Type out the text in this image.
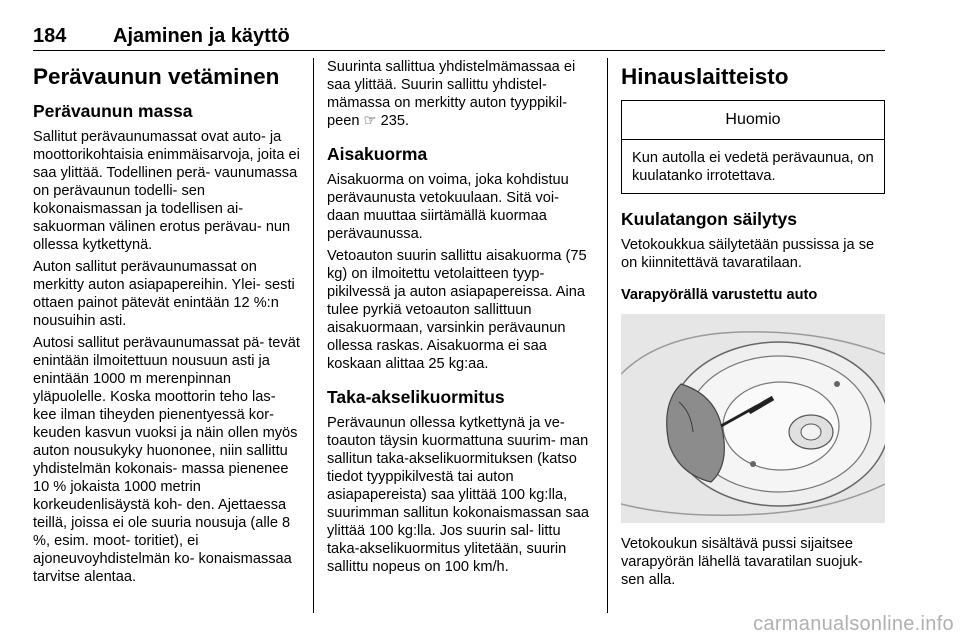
184	Ajaminen ja käyttö
Perävaunun vetäminen
Perävaunun massa

Sallitut perävaunumassat ovat auto- ja moottorikohtaisia enimmäisarvoja, joita ei saa ylittää. Todellinen perä- vaunumassa on perävaunun todelli- sen kokonaismassan ja todellisen ai- sakuorman välinen erotus perävau- nun ollessa kytkettynä.

Auton sallitut perävaunumassat on merkitty auton asiapapereihin. Ylei- sesti ottaen painot pätevät enintään 12 %:n nousuihin asti.

Autosi sallitut perävaunumassat pä- tevät enintään ilmoitettuun nousuun asti ja enintään 1000 m merenpinnan yläpuolelle. Koska moottorin teho las- kee ilman tiheyden pienentyessä kor- keuden kasvun vuoksi ja näin ollen myös auton nousukyky huononee, niin sallittu yhdistelmän kokonais- massa pienenee 10 % jokaista 1000 metrin korkeudenlisäystä koh- den. Ajettaessa teillä, joissa ei ole suuria nousuja (alle 8 %, esim. moot- toritiet), ei ajoneuvoyhdistelmän ko- konaismassaa tarvitse alentaa.

Suurinta sallittua yhdistelmämassaa ei saa ylittää. Suurin sallittu yhdistel- mämassa on merkitty auton tyyppikil- peen ☞ 235.

Aisakuorma

Aisakuorma on voima, joka kohdistuu perävaunusta vetokuulaan. Sitä voi- daan muuttaa siirtämällä kuormaa perävaunussa.

Vetoauton suurin sallittu aisakuorma (75 kg) on ilmoitettu vetolaitteen tyyp- pikilvessä ja auton asiapapereissa. Aina tulee pyrkiä vetoauton sallittuun aisakuormaan, varsinkin perävaunun ollessa raskas. Aisakuorma ei saa koskaan alittaa 25 kg:aa.

Taka-akselikuormitus

Perävaunun ollessa kytkettynä ja ve- toauton täysin kuormattuna suurim- man sallitun taka-akselikuormituksen (katso tiedot tyyppikilvestä tai auton asiapapereista) saa ylittää 100 kg:lla, suurimman sallitun kokonaismassan saa ylittää 100 kg:lla. Jos suurin sal- littu taka-akselikuormitus ylitetään, suurin sallittu nopeus on 100 km/h.

Hinauslaitteisto
Huomio
Kun autolla ei vedetä perävaunua, on kuulatanko irrotettava.
Kuulatangon säilytys

Vetokoukkua säilytetään pussissa ja se on kiinnitettävä tavaratilaan.

Varapyörällä varustettu auto

Vetokoukun sisältävä pussi sijaitsee varapyörän lähellä tavaratilan suojuk- sen alla.

carmanualsonline.info
